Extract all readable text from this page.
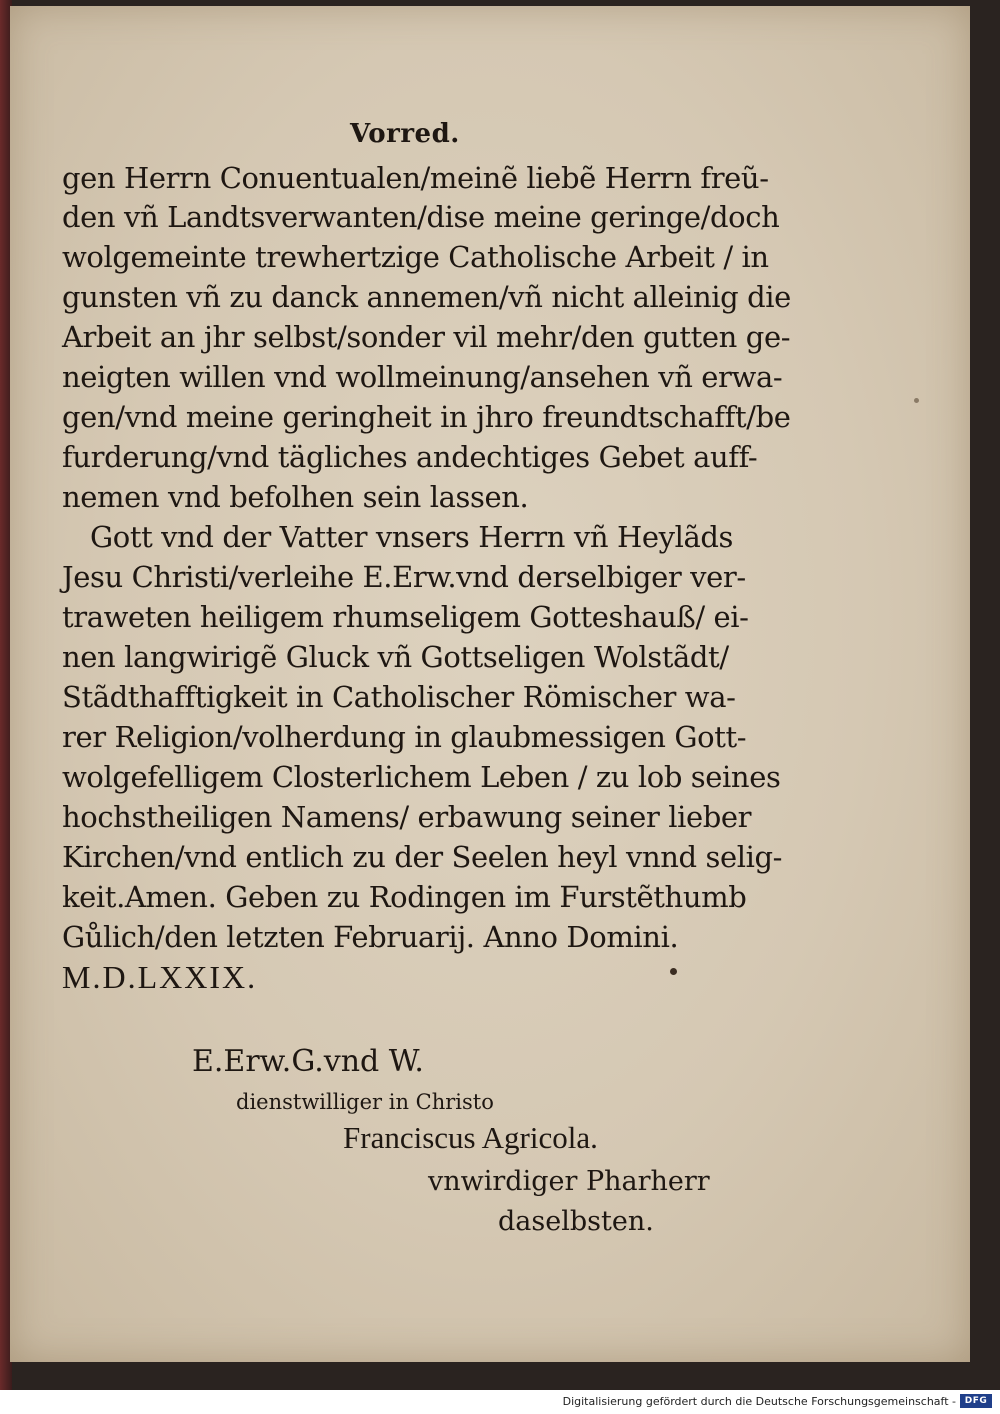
Vorred.

gen Herrn Conuentualen/meinẽ liebẽ Herrn freũ-

den vñ Landtsverwanten/dise meine geringe/doch

wolgemeinte trewhertzige Catholische Arbeit / in

gunsten vñ zu danck annemen/vñ nicht alleinig die

Arbeit an jhr selbst/sonder vil mehr/den gutten ge-

neigten willen vnd wollmeinung/ansehen vñ erwa-

gen/vnd meine geringheit in jhro freundtschafft/be

furderung/vnd tägliches andechtiges Gebet auff-

nemen vnd befolhen sein lassen.

Gott vnd der Vatter vnsers Herrn vñ Heylãds

Jesu Christi/verleihe E.Erw.vnd derselbiger ver-

traweten heiligem rhumseligem Gotteshauß/ ei-

nen langwirigẽ Gluck vñ Gottseligen Wolstãdt/

Stãdthafftigkeit in Catholischer Römischer wa-

rer Religion/volherdung in glaubmessigen Gott-

wolgefelligem Closterlichem Leben / zu lob seines

hochstheiligen Namens/ erbawung seiner lieber

Kirchen/vnd entlich zu der Seelen heyl vnnd selig-

keit.Amen. Geben zu Rodingen im Furstẽthumb

Gůlich/den letzten Februarij. Anno Domini.

M.D.LXXIX.

E.Erw.G.vnd W.

dienstwilliger in Christo

Franciscus Agricola.

vnwirdiger Pharherr

daselbsten.

Digitalisierung gefördert durch die Deutsche Forschungsgemeinschaft - DFG
